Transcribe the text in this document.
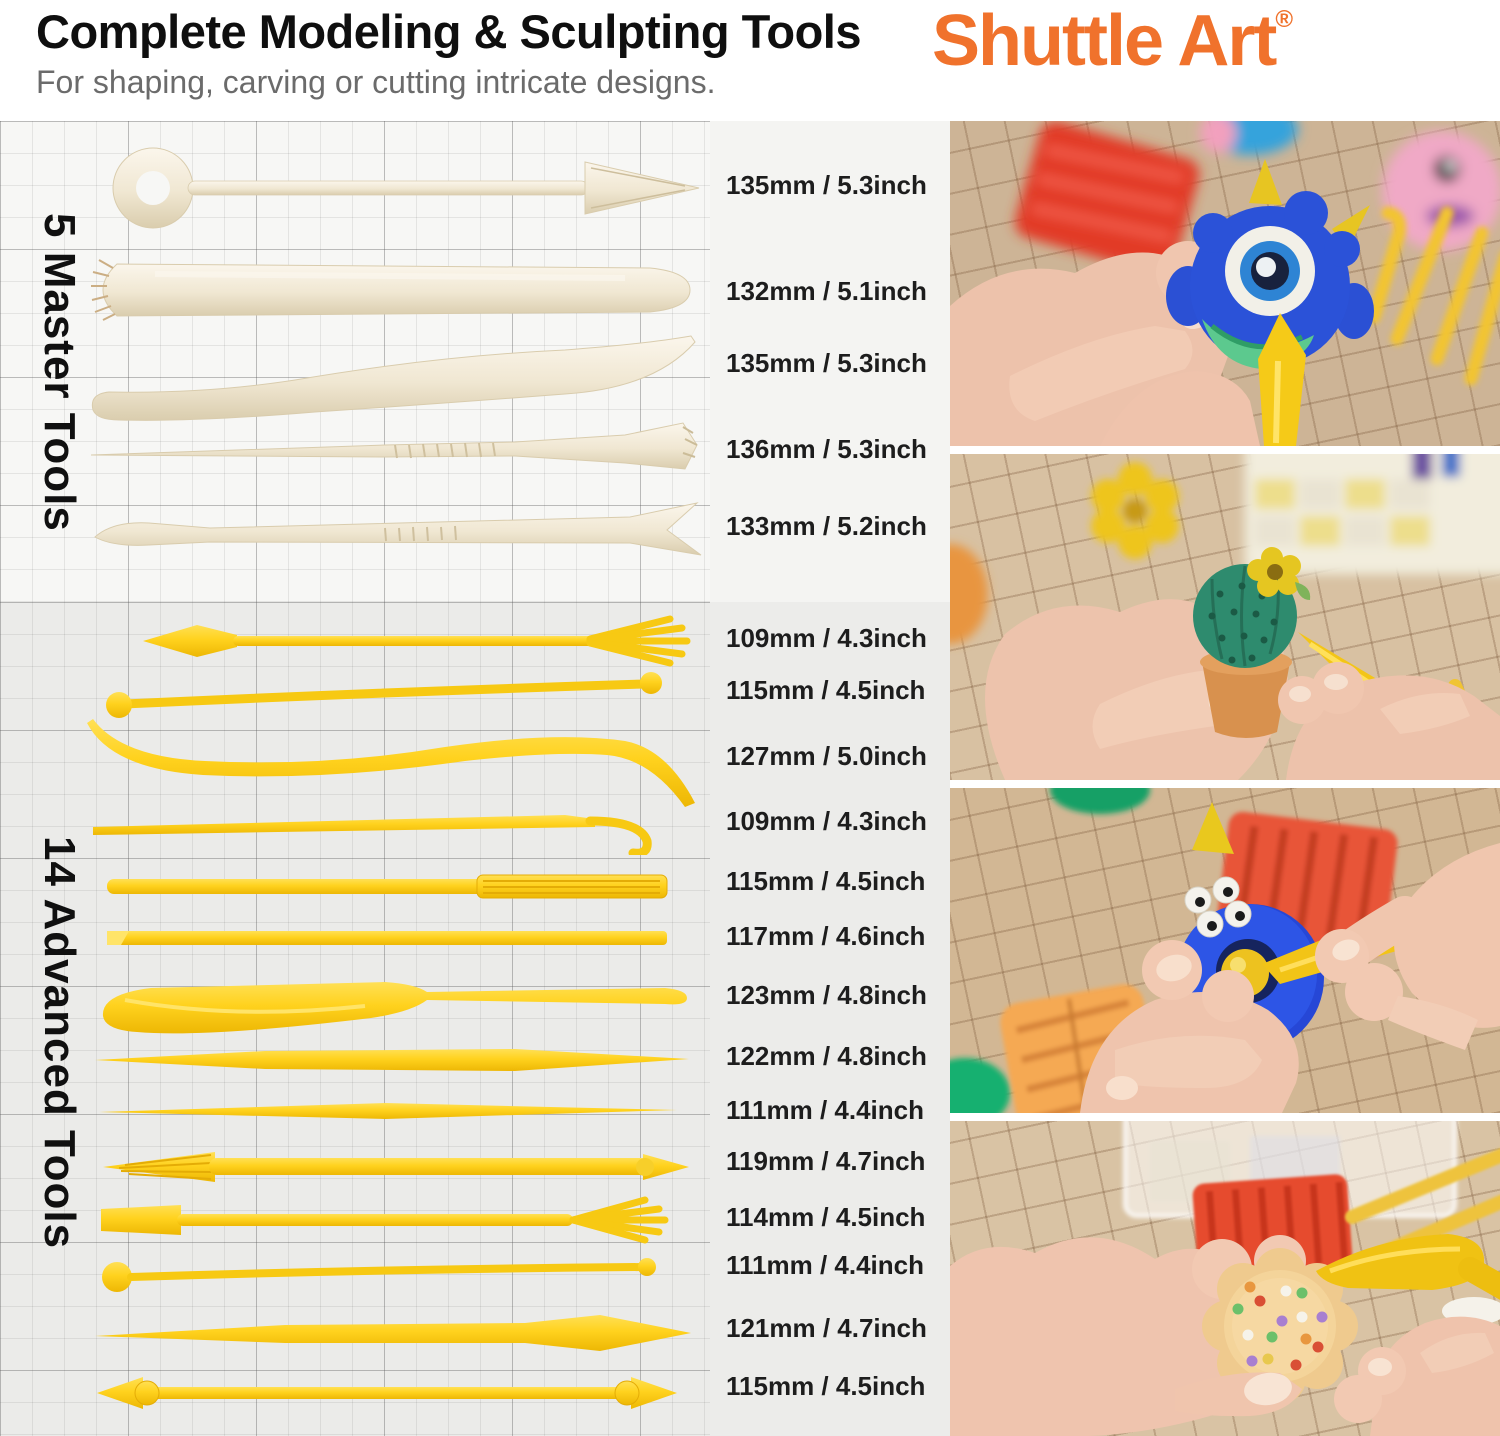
Complete Modeling & Sculpting Tools
For shaping, carving or cutting intricate designs.
Shuttle Art®
5 Master Tools
14 Advanced Tools
135mm / 5.3inch
132mm / 5.1inch
135mm / 5.3inch
136mm / 5.3inch
133mm / 5.2inch
109mm / 4.3inch
115mm / 4.5inch
127mm / 5.0inch
109mm / 4.3inch
115mm / 4.5inch
117mm / 4.6inch
123mm / 4.8inch
122mm / 4.8inch
111mm / 4.4inch
119mm / 4.7inch
114mm / 4.5inch
111mm / 4.4inch
121mm / 4.7inch
115mm / 4.5inch
